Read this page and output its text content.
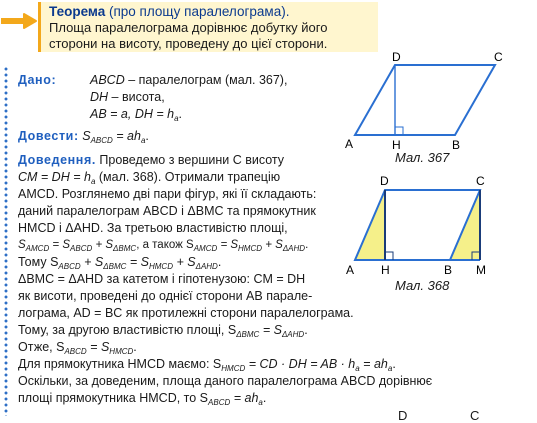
Теорема (про площу паралелограма).
Площа паралелограма дорівнює добутку його
сторони на висоту, проведену до цієї сторони.
Дано:	ABCD – паралелограм (мал. 367),
DH – висота,
AB = a, DH = $h_a$.
Довести: $S_{ABCD} = ah_a$.
Доведення. Проведемо з вершини C висоту
CM = DH = $h_a$ (мал. 368). Отримали трапецію
AMCD. Розглянемо дві пари фігур, які її складають:
даний паралелограм ABCD і ΔBMC та прямокутник
HMCD і ΔAHD. За третьою властивістю площі,
$S_{AMCD} = S_{ABCD} + S_{\Delta BMC}$, а також $S_{AMCD} = S_{HMCD} + S_{\Delta AHD}$.
Тому $S_{ABCD} + S_{\Delta BMC} = S_{HMCD} + S_{\Delta AHD}$.
ΔBMC = ΔAHD за катетом і гіпотенузою: CM = DH
як висоти, проведені до однієї сторони AB паралe-
лограма, AD = BC як протилежні сторони паралелограма.
Тому, за другою властивістю площі, $S_{\Delta BMC} = S_{\Delta AHD}$.
Отже, $S_{ABCD} = S_{HMCD}$.
Для прямокутника HMCD маємо: $S_{HMCD}$ = CD · DH = AB · $h_a = ah_a$.
Оскільки, за доведеним, площа даного паралелограма ABCD дорівнює
площі прямокутника HMCD, то $S_{ABCD} = ah_a$.
D	C
A	H	B
Мал. 367
D	C
A H	B M
Мал. 368
D	C
